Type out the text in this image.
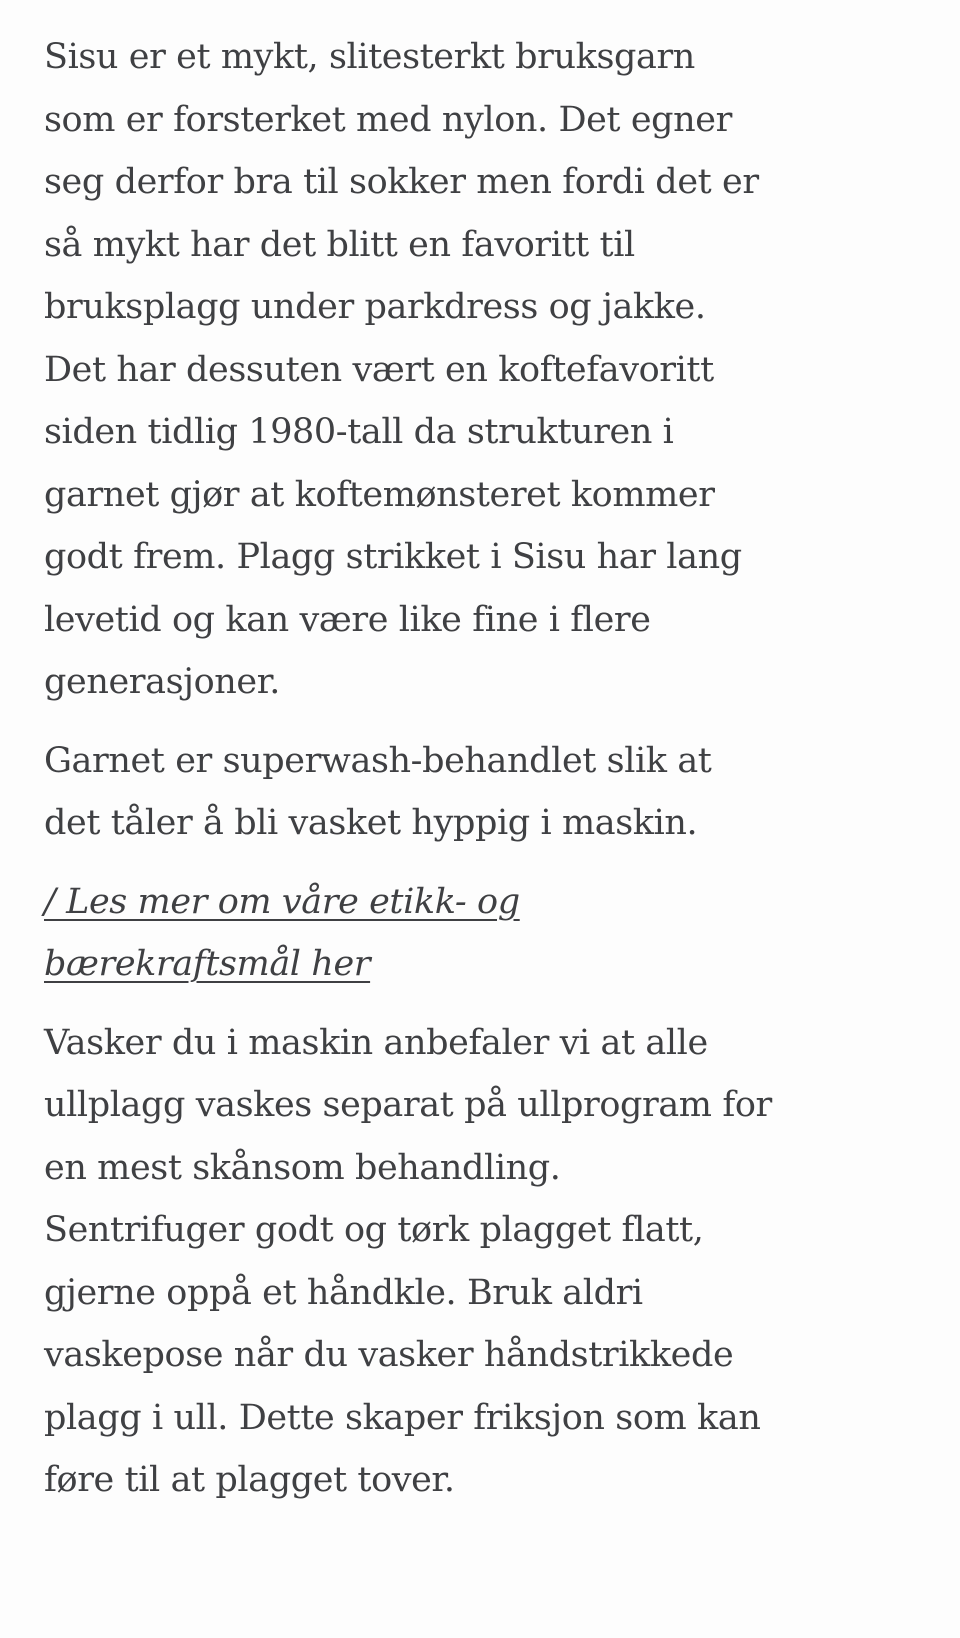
Sisu er et mykt, slitesterkt bruksgarn
som er forsterket med nylon. Det egner
seg derfor bra til sokker men fordi det er
så mykt har det blitt en favoritt til
bruksplagg under parkdress og jakke.
Det har dessuten vært en koftefavoritt
siden tidlig 1980-tall da strukturen i
garnet gjør at koftemønsteret kommer
godt frem. Plagg strikket i Sisu har lang
levetid og kan være like fine i flere
generasjoner.

Garnet er superwash-behandlet slik at
det tåler å bli vasket hyppig i maskin.

/ Les mer om våre etikk- og
bærekraftsmål her

Vasker du i maskin anbefaler vi at alle
ullplagg vaskes separat på ullprogram for
en mest skånsom behandling.
Sentrifuger godt og tørk plagget flatt,
gjerne oppå et håndkle. Bruk aldri
vaskepose når du vasker håndstrikkede
plagg i ull. Dette skaper friksjon som kan
føre til at plagget tover.
